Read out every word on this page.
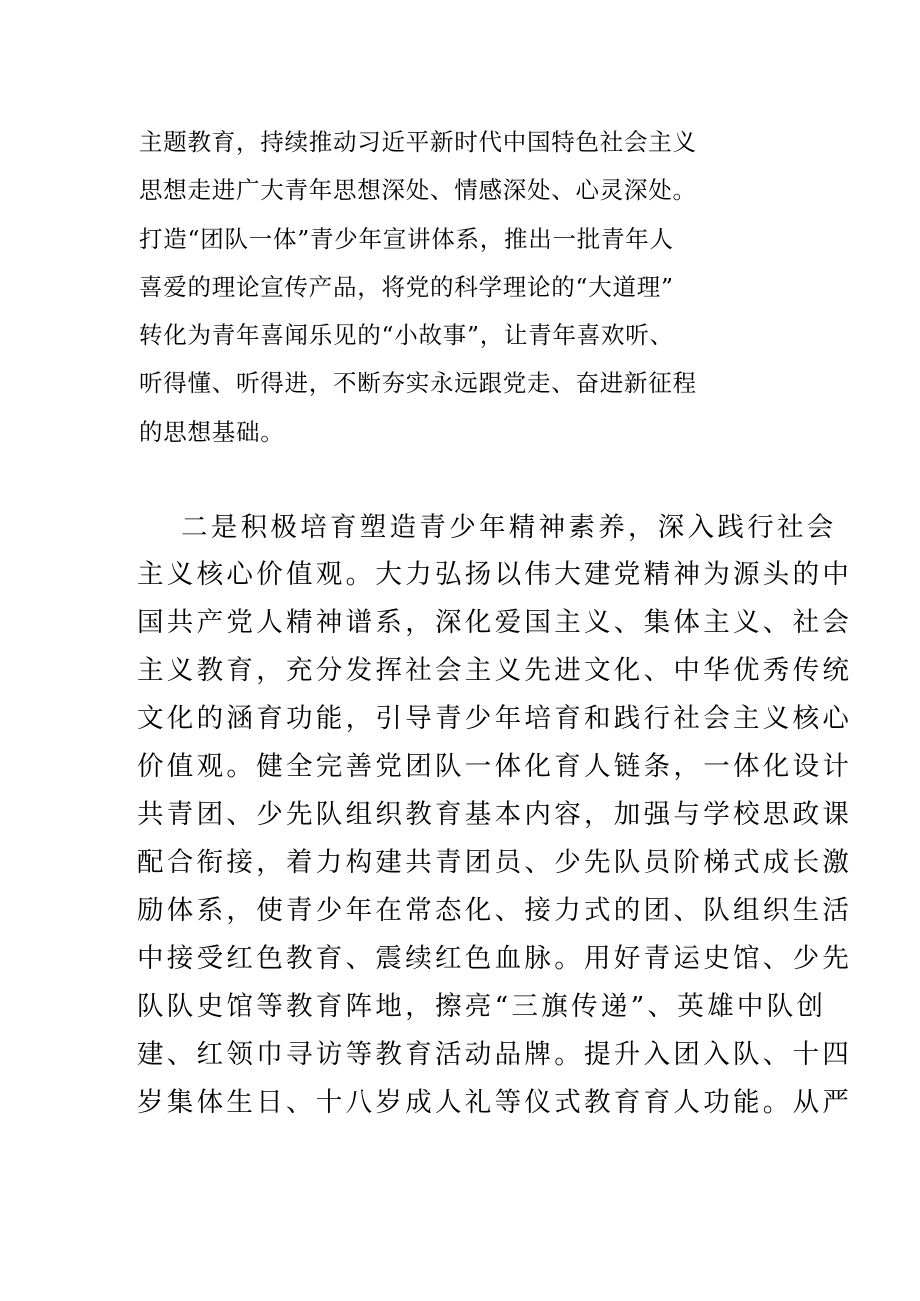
主题教育，持续推动习近平新时代中国特色社会主义
思想走进广大青年思想深处、情感深处、心灵深处。
打造“团队一体”青少年宣讲体系，推出一批青年人
喜爱的理论宣传产品，将党的科学理论的“大道理”
转化为青年喜闻乐见的“小故事”，让青年喜欢听、
听得懂、听得进，不断夯实永远跟党走、奋进新征程
的思想基础。
二是积极培育塑造青少年精神素养，深入践行社会
主义核心价值观。大力弘扬以伟大建党精神为源头的中
国共产党人精神谱系，深化爱国主义、集体主义、社会
主义教育，充分发挥社会主义先进文化、中华优秀传统
文化的涵育功能，引导青少年培育和践行社会主义核心
价值观。健全完善党团队一体化育人链条，一体化设计
共青团、少先队组织教育基本内容，加强与学校思政课
配合衔接，着力构建共青团员、少先队员阶梯式成长激
励体系，使青少年在常态化、接力式的团、队组织生活
中接受红色教育、震续红色血脉。用好青运史馆、少先
队队史馆等教育阵地，擦亮“三旗传递”、英雄中队创
建、红领巾寻访等教育活动品牌。提升入团入队、十四
岁集体生日、十八岁成人礼等仪式教育育人功能。从严
